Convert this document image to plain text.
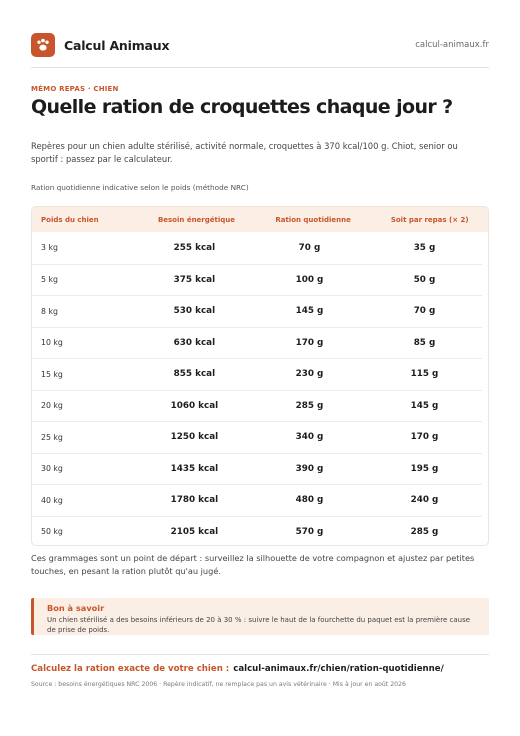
Calcul Animaux	calcul-animaux.fr
MÉMO REPAS · CHIEN
Quelle ration de croquettes chaque jour ?

Repères pour un chien adulte stérilisé, activité normale, croquettes à 370 kcal/100 g. Chiot, senior ou sportif : passez par le calculateur.

Ration quotidienne indicative selon le poids (méthode NRC)
Poids du chien	Besoin énergétique	Ration quotidienne	Soit par repas (× 2)
3 kg	255 kcal	70 g	35 g
5 kg	375 kcal	100 g	50 g
8 kg	530 kcal	145 g	70 g
10 kg	630 kcal	170 g	85 g
15 kg	855 kcal	230 g	115 g
20 kg	1060 kcal	285 g	145 g
25 kg	1250 kcal	340 g	170 g
30 kg	1435 kcal	390 g	195 g
40 kg	1780 kcal	480 g	240 g
50 kg	2105 kcal	570 g	285 g

Ces grammages sont un point de départ : surveillez la silhouette de votre compagnon et ajustez par petites touches, en pesant la ration plutôt qu'au jugé.

Bon à savoir
Un chien stérilisé a des besoins inférieurs de 20 à 30 % : suivre le haut de la fourchette du paquet est la première cause de prise de poids.
Calculez la ration exacte de votre chien : calcul-animaux.fr/chien/ration-quotidienne/
Source : besoins énergétiques NRC 2006 · Repère indicatif, ne remplace pas un avis vétérinaire · Mis à jour en août 2026
